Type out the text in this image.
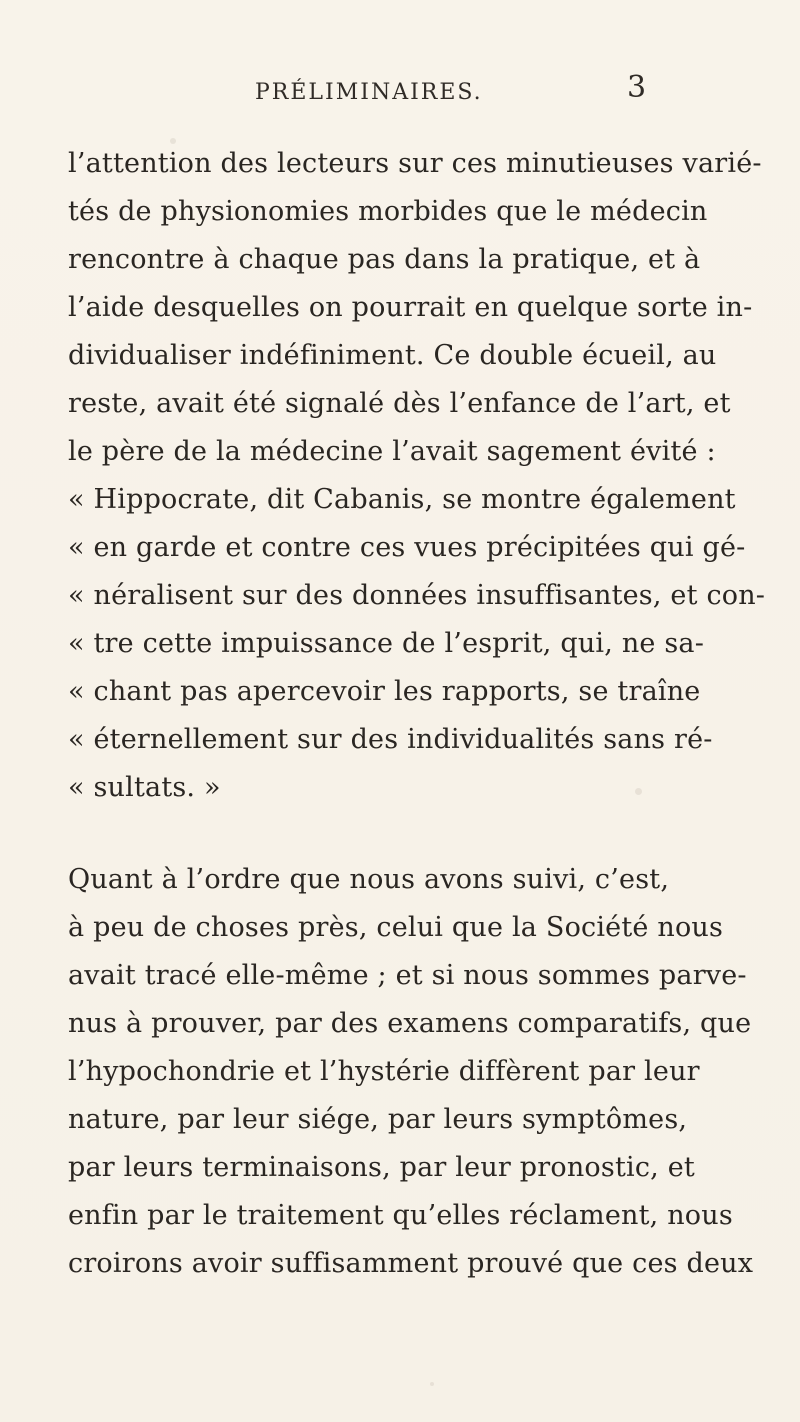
PRÉLIMINAIRES.	3
l’attention des lecteurs sur ces minutieuses varié-
tés de physionomies morbides que le médecin
rencontre à chaque pas dans la pratique, et à
l’aide desquelles on pourrait en quelque sorte in-
dividualiser indéfiniment. Ce double écueil, au
reste, avait été signalé dès l’enfance de l’art, et
le père de la médecine l’avait sagement évité :
« Hippocrate, dit Cabanis, se montre également
« en garde et contre ces vues précipitées qui gé-
« néralisent sur des données insuffisantes, et con-
« tre cette impuissance de l’esprit, qui, ne sa-
« chant pas apercevoir les rapports, se traîne
« éternellement sur des individualités sans ré-
« sultats. »
Quant à l’ordre que nous avons suivi, c’est,
à peu de choses près, celui que la Société nous
avait tracé elle-même ; et si nous sommes parve-
nus à prouver, par des examens comparatifs, que
l’hypochondrie et l’hystérie diffèrent par leur
nature, par leur siége, par leurs symptômes,
par leurs terminaisons, par leur pronostic, et
enfin par le traitement qu’elles réclament, nous
croirons avoir suffisamment prouvé que ces deux
